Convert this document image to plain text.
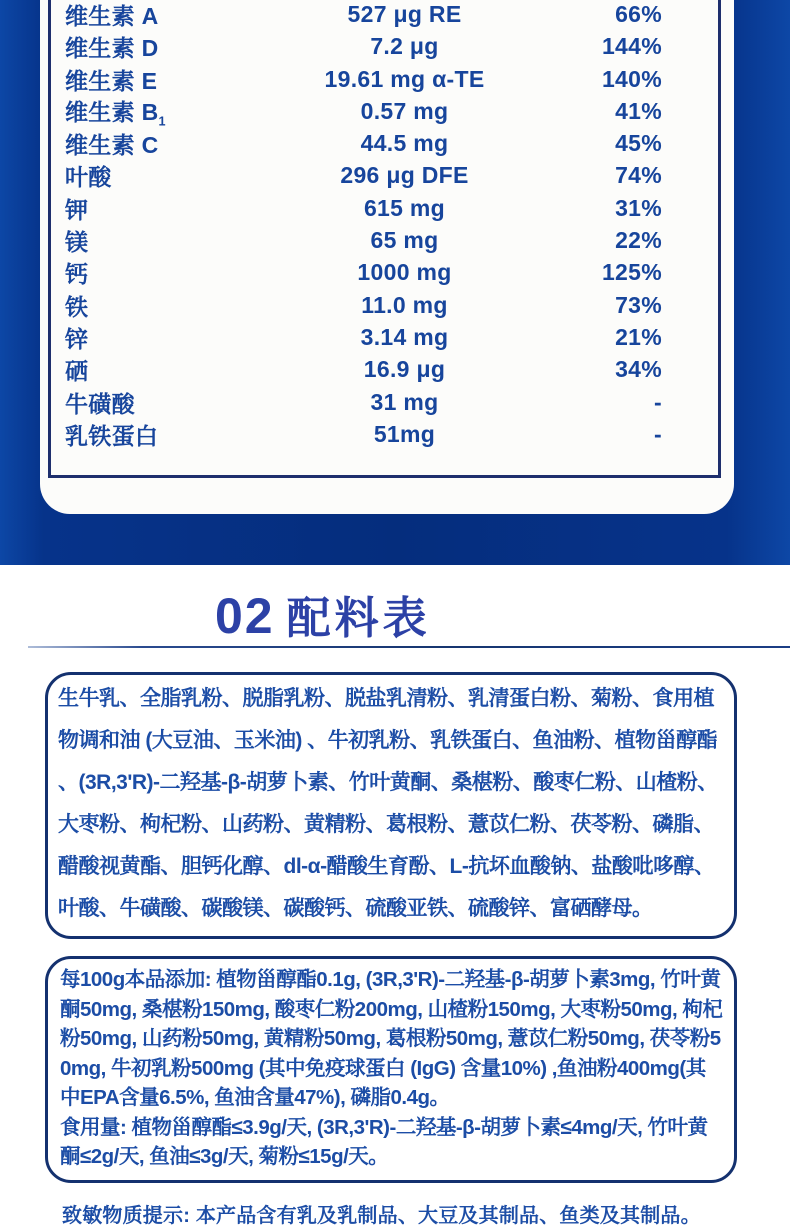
维生素 A	527 μg RE	66%
维生素 D	7.2 μg	144%
维生素 E	19.61 mg α-TE	140%
维生素 $B_1$	0.57 mg	41%
维生素 C	44.5 mg	45%
叶酸	296 μg DFE	74%
钾	615 mg	31%
镁	65 mg	22%
钙	1000 mg	125%
铁	11.0 mg	73%
锌	3.14 mg	21%
硒	16.9 μg	34%
牛磺酸	31 mg	-
乳铁蛋白	51mg	-
02 配料表
生牛乳、全脂乳粉、脱脂乳粉、脱盐乳清粉、乳清蛋白粉、菊粉、食用植物调和油 (大豆油、玉米油) 、牛初乳粉、乳铁蛋白、鱼油粉、植物甾醇酯、(3R,3'R)-二羟基-β-胡萝卜素、竹叶黄酮、桑椹粉、酸枣仁粉、山楂粉、大枣粉、枸杞粉、山药粉、黄精粉、葛根粉、薏苡仁粉、茯苓粉、磷脂、醋酸视黄酯、胆钙化醇、dl-α-醋酸生育酚、L-抗坏血酸钠、盐酸吡哆醇、叶酸、牛磺酸、碳酸镁、碳酸钙、硫酸亚铁、硫酸锌、富硒酵母。
每100g本品添加: 植物甾醇酯0.1g, (3R,3'R)-二羟基-β-胡萝卜素3mg, 竹叶黄酮50mg, 桑椹粉150mg, 酸枣仁粉200mg, 山楂粉150mg, 大枣粉50mg, 枸杞粉50mg, 山药粉50mg, 黄精粉50mg, 葛根粉50mg, 薏苡仁粉50mg, 茯苓粉50mg, 牛初乳粉500mg (其中免疫球蛋白 (IgG) 含量10%) ,鱼油粉400mg(其中EPA含量6.5%, 鱼油含量47%), 磷脂0.4g。
食用量: 植物甾醇酯≤3.9g/天, (3R,3'R)-二羟基-β-胡萝卜素≤4mg/天, 竹叶黄酮≤2g/天, 鱼油≤3g/天, 菊粉≤15g/天。
致敏物质提示: 本产品含有乳及乳制品、大豆及其制品、鱼类及其制品。
